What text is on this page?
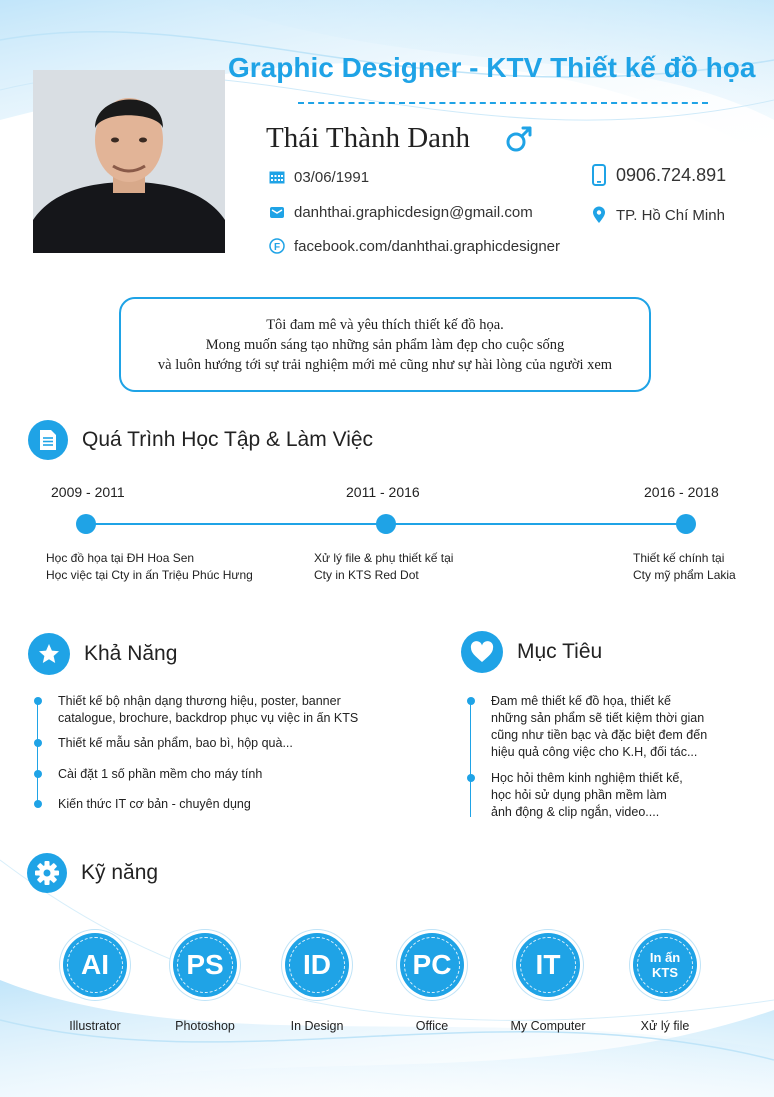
Graphic Designer - KTV Thiết kế đồ họa
Thái Thành Danh
03/06/1991
danhthai.graphicdesign@gmail.com
F facebook.com/danhthai.graphicdesigner
0906.724.891
TP. Hồ Chí Minh
Tôi đam mê và yêu thích thiết kế đồ họa.
Mong muốn sáng tạo những sản phẩm làm đẹp cho cuộc sống
và luôn hướng tới sự trải nghiệm mới mẻ cũng như sự hài lòng của người xem
Quá Trình Học Tập & Làm Việc
2009 - 2011	2011 - 2016	2016 - 2018
Học đồ họa tại ĐH Hoa Sen
Học việc tại Cty in ấn Triệu Phúc Hưng
Xử lý file & phụ thiết kế tại
Cty in KTS Red Dot
Thiết kế chính tại
Cty mỹ phẩm Lakia
Khả Năng
Thiết kế bộ nhận dạng thương hiệu, poster, banner
catalogue, brochure, backdrop phục vụ việc in ấn KTS
Thiết kế mẫu sản phẩm, bao bì, hộp quà...
Cài đặt 1 số phần mềm cho máy tính
Kiến thức IT cơ bản - chuyên dụng
Mục Tiêu
Đam mê thiết kế đồ họa, thiết kế
những sản phẩm sẽ tiết kiệm thời gian
cũng như tiền bạc và đặc biệt đem đến
hiệu quả công việc cho K.H, đối tác...
Học hỏi thêm kinh nghiệm thiết kế,
học hỏi sử dụng phần mềm làm
ảnh động & clip ngắn, video....
Kỹ năng
AI
Illustrator
PS
Photoshop
ID
In Design
PC
Office
IT
My Computer
In ấn
KTS
Xử lý file
